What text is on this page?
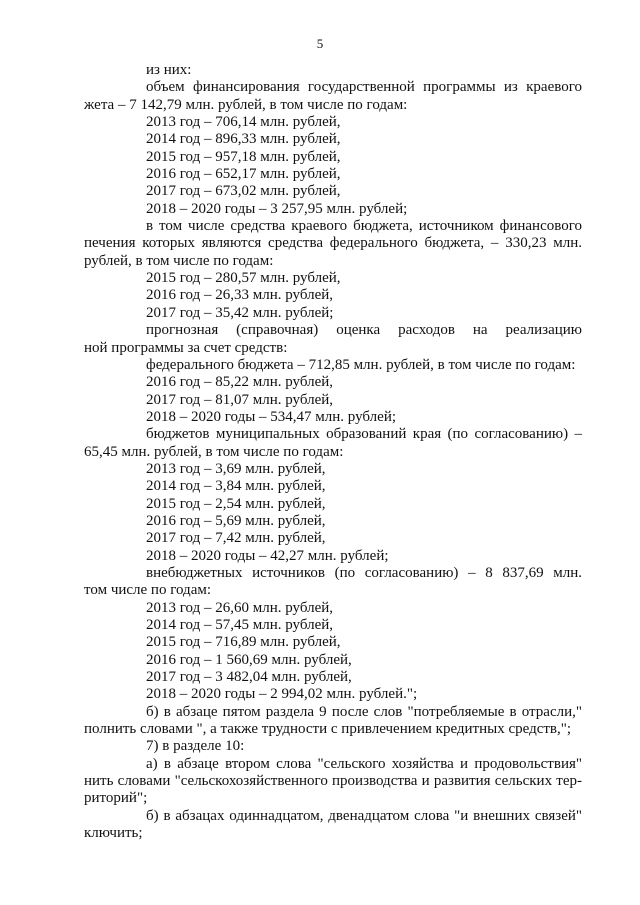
5
из них:
объем финансирования государственной программы из краевого
жета – 7 142,79 млн. рублей, в том числе по годам:
2013 год – 706,14 млн. рублей,
2014 год – 896,33 млн. рублей,
2015 год – 957,18 млн. рублей,
2016 год – 652,17 млн. рублей,
2017 год – 673,02 млн. рублей,
2018 – 2020 годы – 3 257,95 млн. рублей;
в том числе средства краевого бюджета, источником финансового
печения которых являются средства федерального бюджета, – 330,23 млн.
рублей, в том числе по годам:
2015 год – 280,57 млн. рублей,
2016 год – 26,33 млн. рублей,
2017 год – 35,42 млн. рублей;
прогнозная (справочная) оценка расходов на реализацию
ной программы за счет средств:
федерального бюджета – 712,85 млн. рублей, в том числе по годам:
2016 год – 85,22 млн. рублей,
2017 год – 81,07 млн. рублей,
2018 – 2020 годы – 534,47 млн. рублей;
бюджетов муниципальных образований края (по согласованию) –
65,45 млн. рублей, в том числе по годам:
2013 год – 3,69 млн. рублей,
2014 год – 3,84 млн. рублей,
2015 год – 2,54 млн. рублей,
2016 год – 5,69 млн. рублей,
2017 год – 7,42 млн. рублей,
2018 – 2020 годы – 42,27 млн. рублей;
внебюджетных источников (по согласованию) – 8 837,69 млн.
том числе по годам:
2013 год – 26,60 млн. рублей,
2014 год – 57,45 млн. рублей,
2015 год – 716,89 млн. рублей,
2016 год – 1 560,69 млн. рублей,
2017 год – 3 482,04 млн. рублей,
2018 – 2020 годы – 2 994,02 млн. рублей.";
б) в абзаце пятом раздела 9 после слов "потребляемые в отрасли,"
полнить словами ", а также трудности с привлечением кредитных средств,";
7) в разделе 10:
а) в абзаце втором слова "сельского хозяйства и продовольствия"
нить словами "сельскохозяйственного производства и развития сельских тер-
риторий";
б) в абзацах одиннадцатом, двенадцатом слова "и внешних связей"
ключить;
